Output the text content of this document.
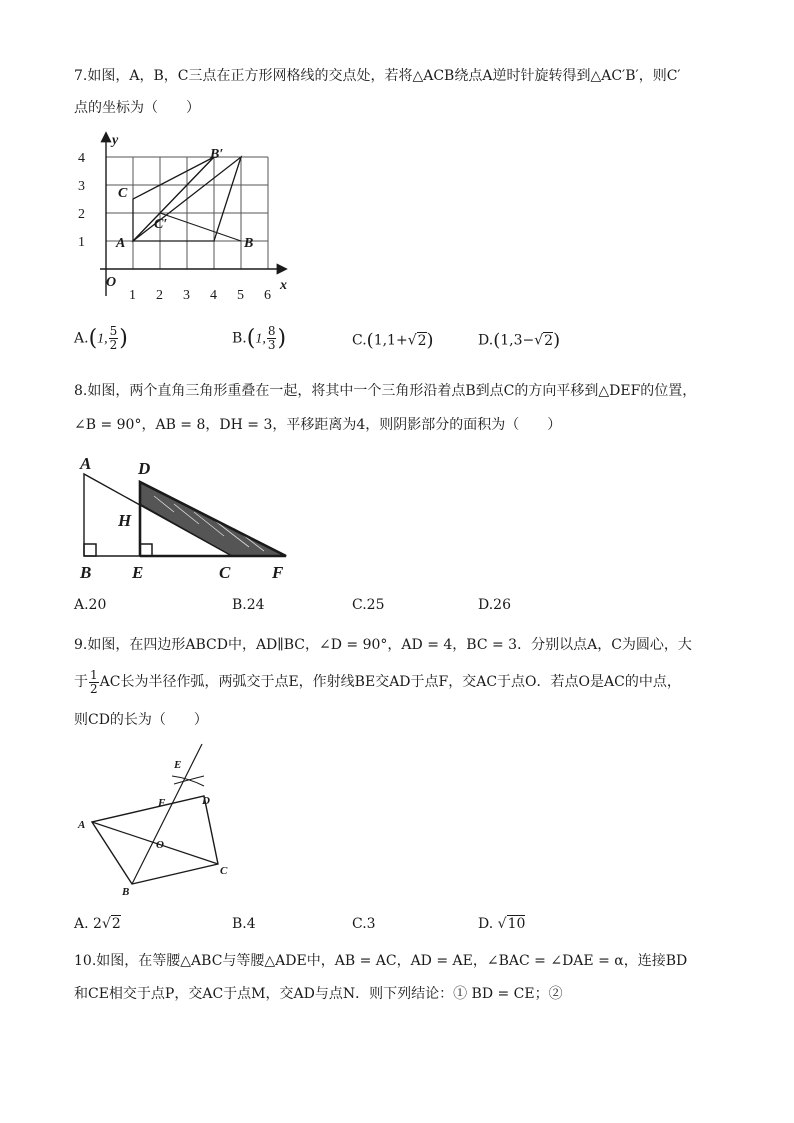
7.如图，A，B，C三点在正方形网格线的交点处，若将△ACB绕点A逆时针旋转得到△AC′B′，则C′
点的坐标为（　　）
1 2 3 4 5 6
1
2
3
4
O	x
y
A	B
C
B′
C′
A.(1, $\frac{5}{2}$ )	B.(1, $\frac{8}{3}$ )	C.(1,1+√2)	D.(1,3−√2)
8.如图，两个直角三角形重叠在一起，将其中一个三角形沿着点B到点C的方向平移到△DEF的位置，
∠B = 90°，AB = 8，DH = 3，平移距离为4，则阴影部分的面积为（　　）
A	D
H
B E	C F
A.20	B.24	C.25	D.26
9.如图，在四边形ABCD中，AD∥BC，∠D = 90°，AD = 4，BC = 3．分别以点A，C为圆心，大
于 $\frac{1}{2}$ AC长为半径作弧，两弧交于点E，作射线BE交AD于点F，交AC于点O．若点O是AC的中点，
则CD的长为（　　）
A
B
C
D
E
F
O
A. 2√2	B.4	C.3	D. √10
10.如图，在等腰△ABC与等腰△ADE中，AB = AC，AD = AE，∠BAC = ∠DAE = α，连接BD
和CE相交于点P，交AC于点M，交AD与点N．则下列结论：① BD = CE；②
